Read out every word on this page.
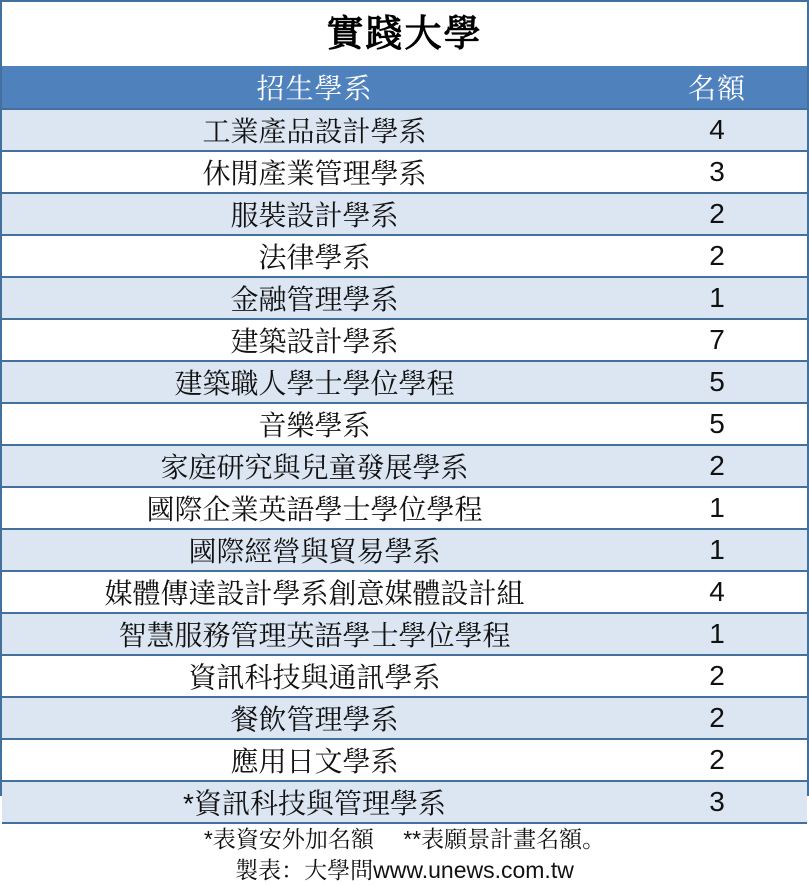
實踐大學
招生學系	名額
工業產品設計學系	4
休閒產業管理學系	3
服裝設計學系	2
法律學系	2
金融管理學系	1
建築設計學系	7
建築職人學士學位學程	5
音樂學系	5
家庭研究與兒童發展學系	2
國際企業英語學士學位學程	1
國際經營與貿易學系	1
媒體傳達設計學系創意媒體設計組	4
智慧服務管理英語學士學位學程	1
資訊科技與通訊學系	2
餐飲管理學系	2
應用日文學系	2
*資訊科技與管理學系	3
*表資安外加名額　 **表願景計畫名額。
製表：大學問www.unews.com.tw
